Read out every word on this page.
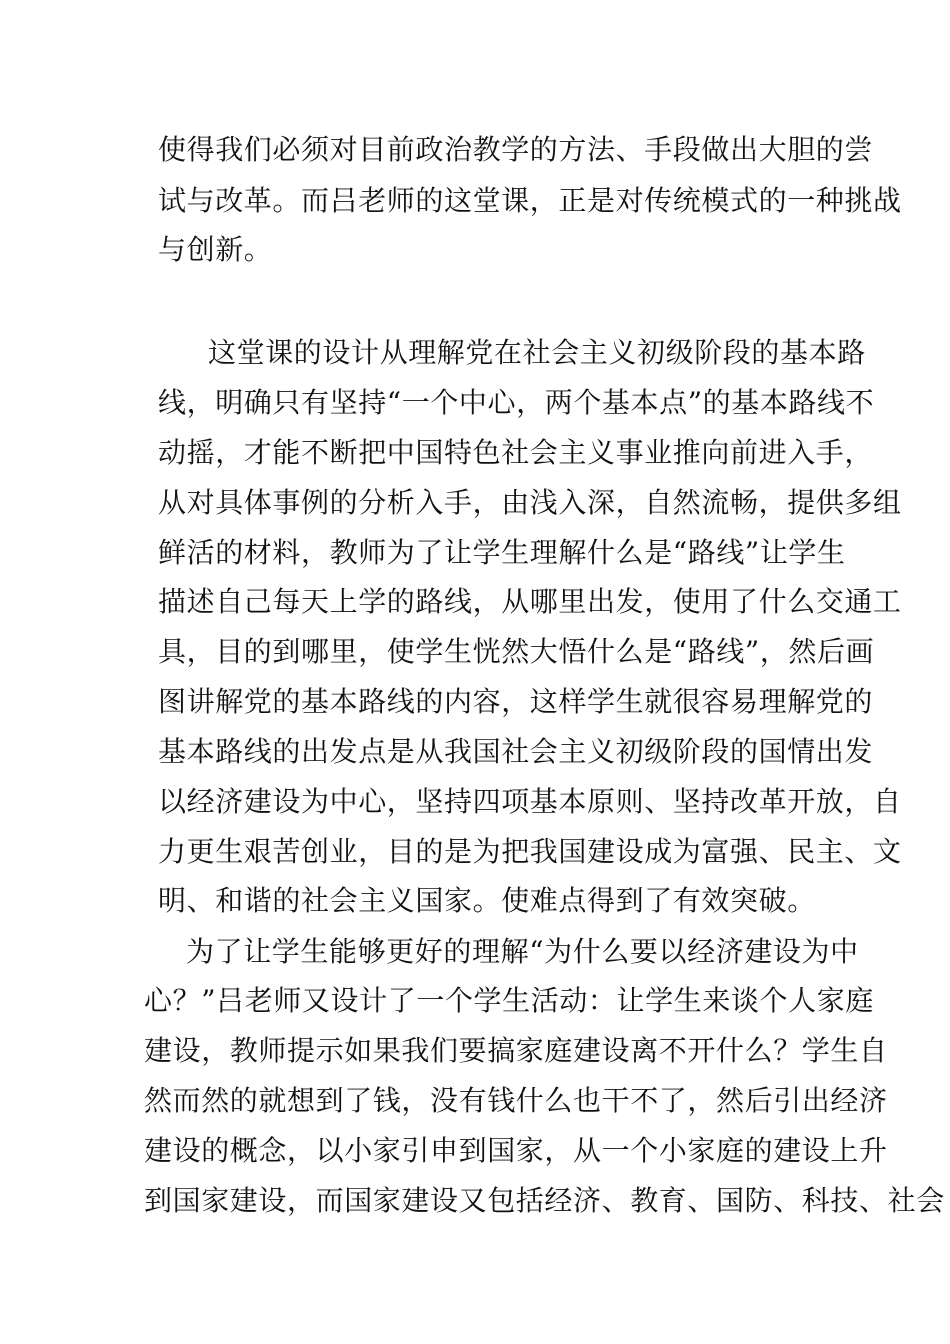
使得我们必须对目前政治教学的方法、手段做出大胆的尝
试与改革。而吕老师的这堂课，正是对传统模式的一种挑战
与创新。
这堂课的设计从理解党在社会主义初级阶段的基本路
线，明确只有坚持“一个中心，两个基本点”的基本路线不
动摇，才能不断把中国特色社会主义事业推向前进入手，
从对具体事例的分析入手，由浅入深，自然流畅，提供多组
鲜活的材料，教师为了让学生理解什么是“路线”让学生
描述自己每天上学的路线，从哪里出发，使用了什么交通工
具，目的到哪里，使学生恍然大悟什么是“路线”，然后画
图讲解党的基本路线的内容，这样学生就很容易理解党的
基本路线的出发点是从我国社会主义初级阶段的国情出发
以经济建设为中心，坚持四项基本原则、坚持改革开放，自
力更生艰苦创业，目的是为把我国建设成为富强、民主、文
明、和谐的社会主义国家。使难点得到了有效突破。
为了让学生能够更好的理解“为什么要以经济建设为中
心？”吕老师又设计了一个学生活动：让学生来谈个人家庭
建设，教师提示如果我们要搞家庭建设离不开什么？学生自
然而然的就想到了钱，没有钱什么也干不了，然后引出经济
建设的概念，以小家引申到国家，从一个小家庭的建设上升
到国家建设，而国家建设又包括经济、教育、国防、科技、社会
